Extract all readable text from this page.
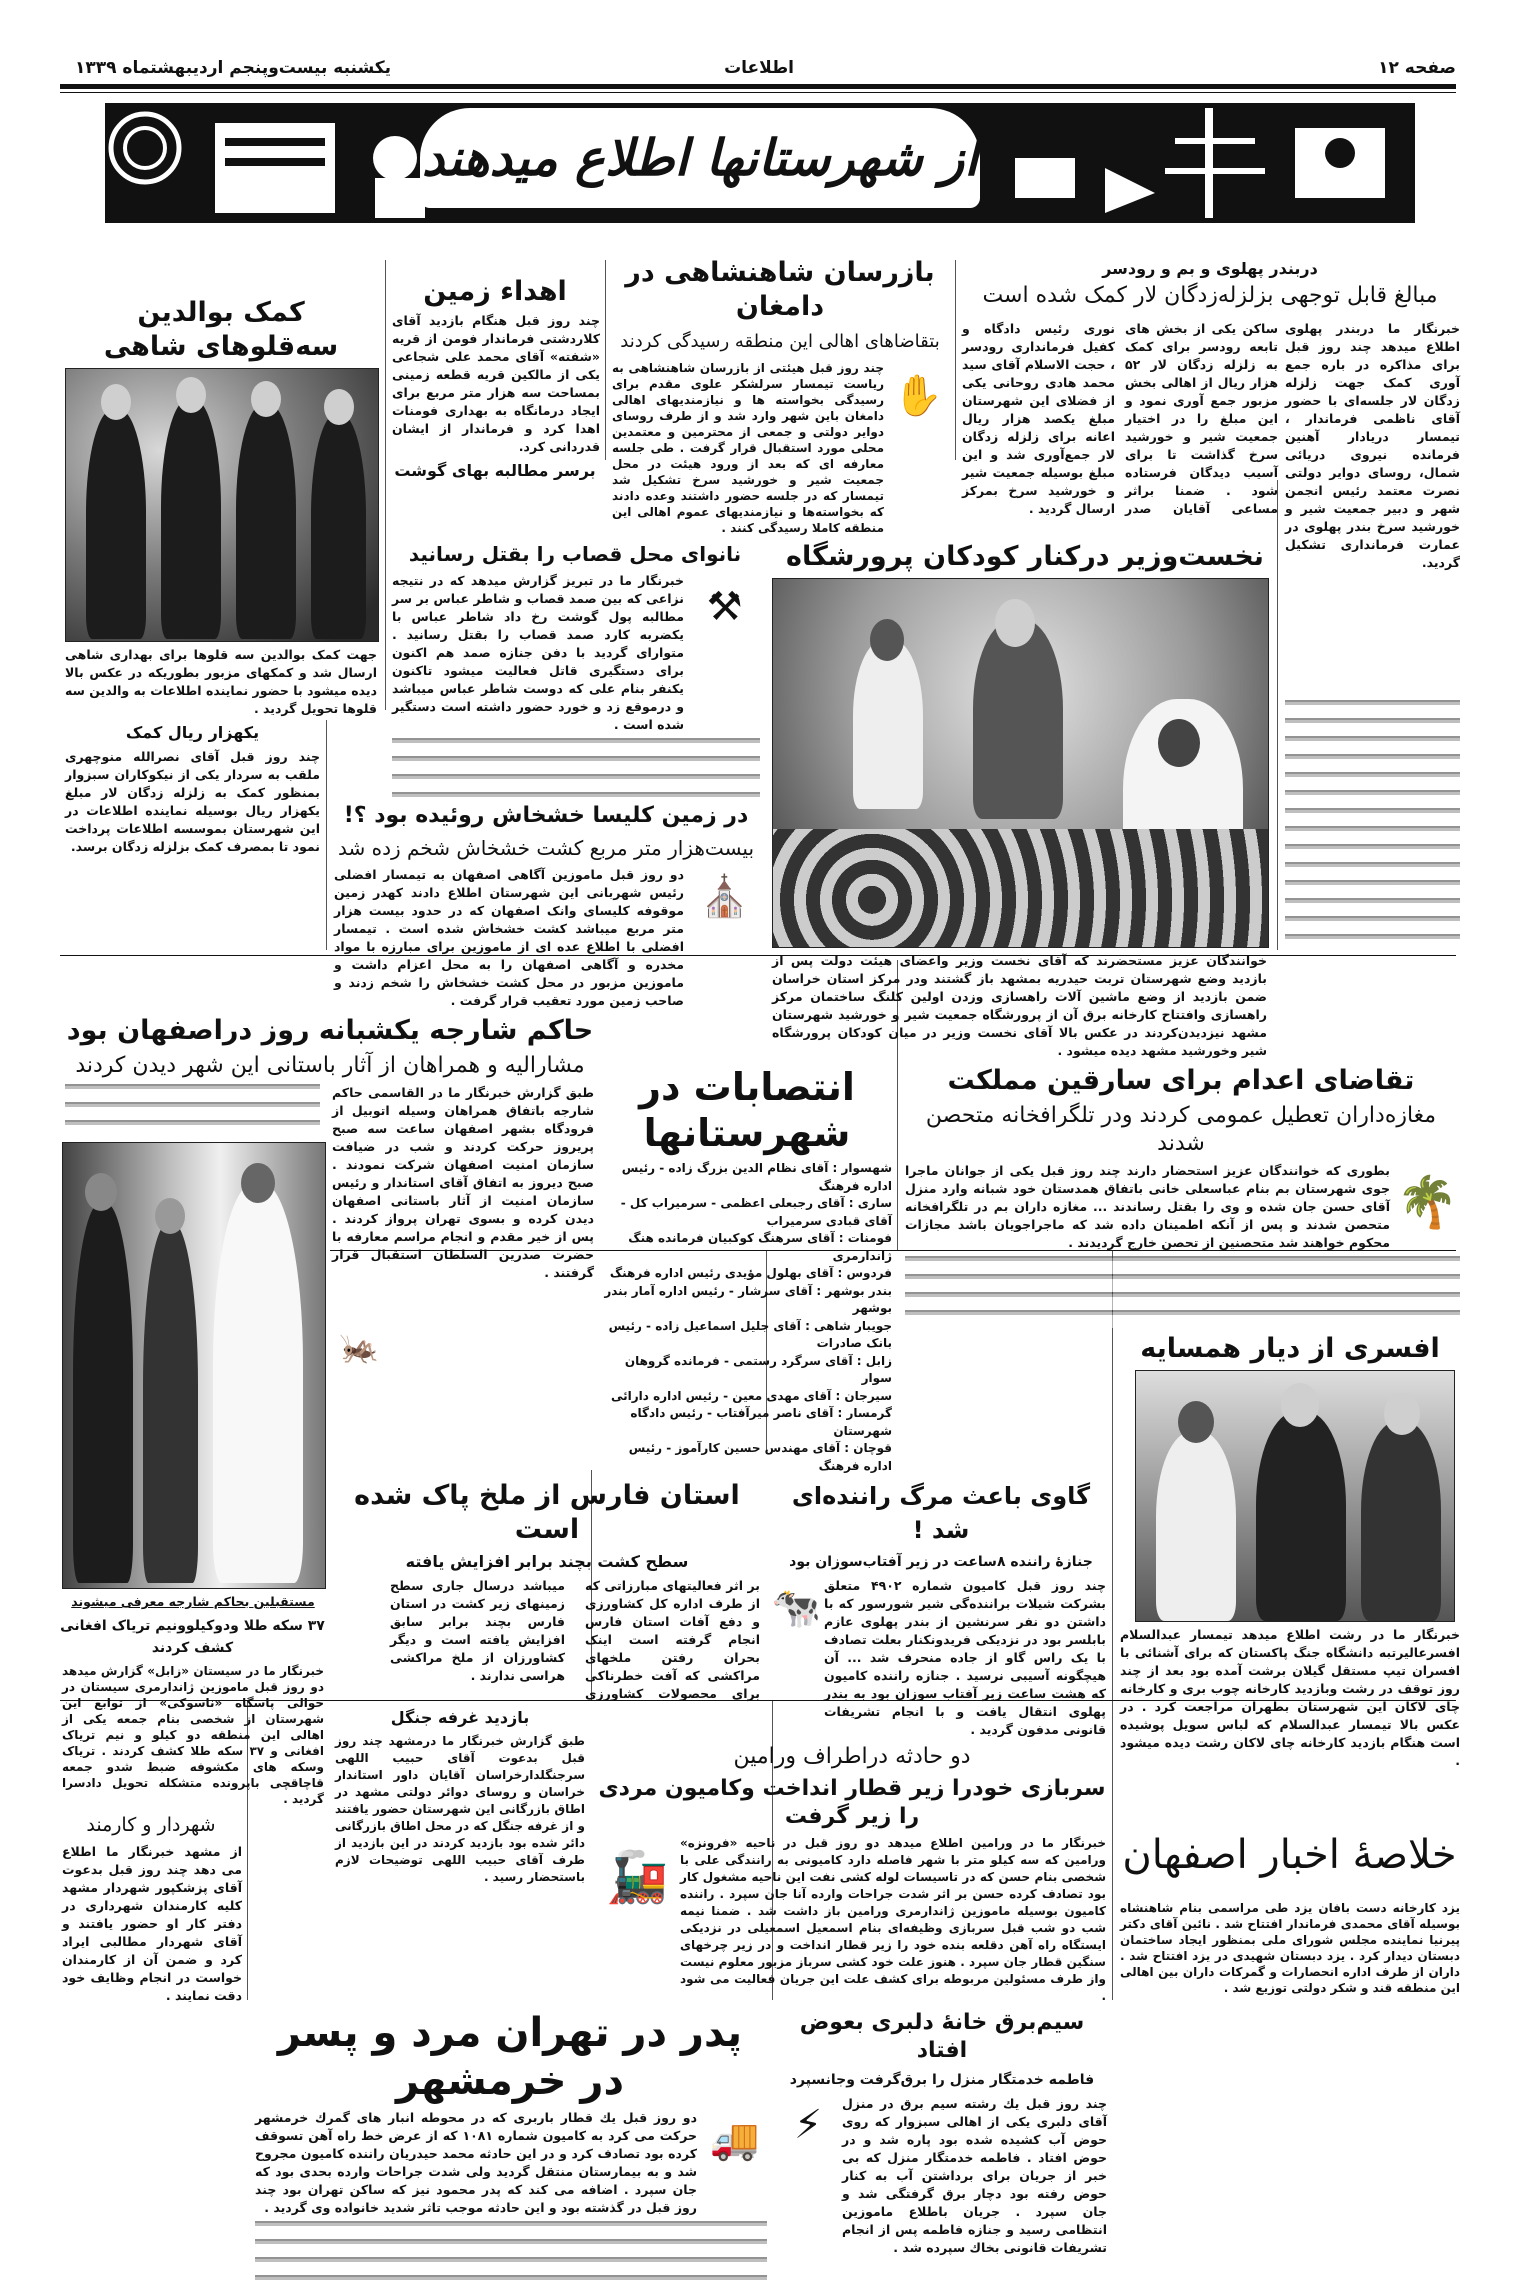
صفحه ۱۲
اطلاعات
یکشنبه بیست‌وپنجم اردیبهشتماه ۱۳۳۹
از شهرستانها اطلاع میدهند
دربندر پهلوی و بم و رودسر
مبالغ قابل توجهی بزلزله‌زدگان لار کمک شده است
خبرنگار ما دربندر پهلوی اطلاع میدهد چند روز قبل برای مذاکره در باره جمع آوری کمک جهت زلزله زدگان لار جلسه‌ای با حضور آقای ناظمی فرماندار ، تیمسار دریادار آهنین فرمانده نیروی دریائی شمال، روسای دوایر دولتی نصرت معتمد رئیس انجمن شهر و دبیر جمعیت شیر و خورشید سرخ بندر پهلوی در عمارت فرمانداری تشکیل گردید.
ساکن یکی از بخش های تابعه رودسر برای کمک به زلزله زدگان لار ۵۲ هزار ریال از اهالی بخش مزبور جمع آوری نمود و این مبلغ را در اختیار جمعیت شیر و خورشید سرخ گذاشت تا برای آسیب دیدگان فرستاده شود . ضمنا براثر مساعی آقایان صدر نوری رئیس دادگاه و کفیل فرمانداری رودسر ، حجت الاسلام آقای سید محمد هادی روحانی یکی از فضلای این شهرستان مبلغ یکصد هزار ریال اعانه برای زلزله زدگان لار جمع‌آوری شد و این مبلغ بوسیله جمعیت شیر و خورشید سرخ بمرکز ارسال گردید .
بازرسان شاهنشاهی در دامغان
بتقاضاهای اهالی این منطقه رسیدگی کردند
✋
چند روز قبل هیئتی از بازرسان شاهنشاهی به ریاست تیمسار سرلشکر علوی مقدم برای رسیدگی بخواسته ها و نیازمندیهای اهالی دامغان باین شهر وارد شد و از طرف روسای دوایر دولتی و جمعی از محترمین و معتمدین محلی مورد استقبال قرار گرفت . طی جلسه معارفه ای که بعد از ورود هیئت در محل جمعیت شیر و خورشید سرخ تشکیل شد تیمسار که در جلسه حضور داشتند وعده دادند که بخواسته‌ها و نیازمندیهای عموم اهالی این منطقه کاملا رسیدگی کنند .
اهداء زمین
چند روز قبل هنگام بازدید آقای کلاردشتی فرماندار فومن از قریه «شفته» آقای محمد علی شجاعی یکی از مالکین قریه قطعه زمینی بمساحت سه هزار متر مربع برای ایجاد درمانگاه به بهداری فومنات اهدا کرد و فرماندار از ایشان قدردانی کرد.
کمک بوالدین سه‌قلوهای شاهی
جهت کمک بوالدین سه قلوها برای بهداری شاهی ارسال شد و کمکهای مزبور بطوریکه در عکس بالا دیده میشود با حضور نماینده اطلاعات به والدین سه قلوها تحویل گردید .
برسر مطالبه بهای گوشت
نانوای محل قصاب را بقتل رسانید
⚒
خبرنگار ما در تبریز گزارش میدهد که در نتیجه نزاعی که بین صمد قصاب و شاطر عباس بر سر مطالبه پول گوشت رخ داد شاطر عباس با یکضربه کارد صمد قصاب را بقتل رسانید . متوارای گردید با دفن جنازه صمد هم اکنون برای دستگیری قاتل فعالیت میشود تاکنون یکنفر بنام علی که دوست شاطر عباس میباشد و درموقع زد و خورد حضور داشته است دستگیر شده است .
نخست‌وزیر درکنار کودکان پرورشگاه
خوانندگان عزیز مستحضرند که آقای نخست وزیر واعضای هیئت دولت پس از بازدید وضع شهرستان تربت حیدریه بمشهد باز گشتند ودر مرکز استان خراسان ضمن بازدید از وضع ماشین آلات راهسازی وزدن اولین کلنگ ساختمان مرکز راهسازی وافتتاح کارخانه برق آن از پرورشگاه جمعیت شیر و خورشید شهرستان مشهد نیزدیدن‌کردند در عکس بالا آقای نخست وزیر در میان کودکان پرورشگاه شیر وخورشید مشهد دیده میشود .
یکهزار ریال کمک
چند روز قبل آقای نصرالله منوچهری ملقب به سردار یکی از نیکوکاران سبزوار بمنظور کمک به زلزله زدگان لار مبلغ یکهزار ریال بوسیله نماینده اطلاعات در این شهرستان بموسسه اطلاعات پرداخت نمود تا بمصرف کمک بزلزله زدگان برسد.
در زمین کلیسا خشخاش روئیده بود ؟!
بیست‌هزار متر مربع کشت خشخاش شخم زده شد
⛪
دو روز قبل ماموزین آگاهی اصفهان به تیمسار افضلی رئیس شهربانی این شهرستان اطلاع دادند کهدر زمین موقوفه کلیسای وانک اصفهان که در حدود بیست هزار متر مربع میباشد کشت خشخاش شده است . تیمسار افضلی با اطلاع عده ای از ماموزین برای مبارزه با مواد مخدره و آگاهی اصفهان را به محل اعزام داشت و ماموزین مزبور در محل کشت خشخاش را شخم زدند و صاحب زمین مورد تعقیب قرار گرفت .
حاکم شارجه یکشبانه روز دراصفهان بود
مشارالیه و همراهان از آثار باستانی این شهر دیدن کردند
طبق گزارش خبرنگار ما در القاسمی حاکم شارجه باتفاق همراهان وسیله اتوبیل از فرودگاه بشهر اصفهان ساعت سه صبح پریروز حرکت کردند و شب در ضیافت سازمان امنیت اصفهان شرکت نمودند . صبح دیروز به اتفاق آقای استاندار و رئیس سازمان امنیت از آثار باستانی اصفهان دیدن کرده و بسوی تهران پرواز کردند . پس از خیر مقدم و انجام مراسم معارفه با حضرت صدرین السلطان استقبال قرار گرفتند .
مستقبلین بحاکم شارجه معرفی میشوند
انتصابات در شهرستانها
شهسوار : آقای نظام الدین بزرگ زاده - رئیس اداره فرهنگ
ساری : آقای رجبعلی اعظمی - سرمیراب کل - آقای قبادی سرمیراب
فومنات : آقای سرهنگ کوکبیان فرمانده هنگ ژاندارمری
فردوس : آقای بهلول مؤیدی رئیس اداره فرهنگ
بندر بوشهر : آقای سرشار - رئیس اداره آمار بندر بوشهر
جویبار شاهی : آقای جلیل اسماعیل زاده - رئیس بانک صادرات
زابل : آقای سرگرد رستمی - فرمانده گروهان سوار
سیرجان : آقای مهدی معین - رئیس اداره دارائی
گرمسار : آقای ناصر میرآفتاب - رئیس دادگاه شهرستان
قوچان : آقای مهندس حسین کارآموز - رئیس اداره فرهنگ
تقاضای اعدام برای سارقین مملکت
مغازه‌داران تعطیل عمومی کردند ودر تلگرافخانه متحصن شدند
🌴
بطوری که خوانندگان عزیز استحضار دارند چند روز قبل یکی از جوانان ماجرا جوی شهرستان بم بنام عباسعلی خانی باتفاق همدستان خود شبانه وارد منزل آقای حسن جان شده و وی را بقتل رساندند ... مغازه داران بم در تلگرافخانه متحصن شدند و پس از آنکه اطمینان داده شد که ماجراجویان باشد مجازات محکوم خواهند شد متحصنین از تحصن خارج گردیدند .
افسری از دیار همسایه
خبرنگار ما در رشت اطلاع میدهد تیمسار عبدالسلام افسرعالیرتبه دانشگاه جنگ پاکستان که برای آشنائی با افسران تیپ مستقل گیلان برشت آمده بود بعد از چند روز توقف در رشت وبازدید کارخانه چوب بری و کارخانه چای لاکان این شهرستان بطهران مراجعت کرد . در عکس بالا تیمسار عبدالسلام که لباس سویل پوشیده است هنگام بازدید کارخانه چای لاکان رشت دیده میشود .
گاوی باعث مرگ راننده‌ای شد !
جنازهٔ راننده ۸ساعت در زیر آفتاب‌سوزان بود
🐄 چند روز قبل کامیون شماره ۴۹۰۲ متعلق بشرکت شیلات براننده‌گی شیر شورسور که با داشتن دو نفر سرنشین از بندر پهلوی عازم بابلسر بود در نزدیکی فریدونکنار بعلت تصادف با یک راس گاو از جاده منحرف شد ... آن هیچگونه آسیبی نرسید . جنازه راننده کامیون که هشت ساعت زیر آفتاب سوزان بود به بندر پهلوی انتقال یافت و با انجام تشریفات قانونی مدفون گردید .
استان فارس از ملخ پاک شده است
سطح کشت بچند برابر افزایش یافته
🦗
بر اثر فعالیتهای مبارزاتی که از طرف اداره کل کشاورزی و دفع آفات استان فارس انجام گرفته است اینک بحران رفتن ملخهای مراکشی که آفت خطرناکی برای محصولات کشاورزی میباشد درسال جاری سطح زمینهای زیر کشت در استان فارس بچند برابر سابق افزایش یافته است و دیگر کشاورزان از ملخ مراکشی هراسی ندارند .
دو حادثه دراطراف ورامین
سربازی خودرا زیر قطار انداخت وکامیون مردی را زیر گرفت
🚂
خبرنگار ما در ورامین اطلاع میدهد دو روز قبل در ناحیه «فرونزه» ورامین که سه کیلو متر با شهر فاصله دارد کامیونی به رانندگی علی با شخصی بنام حسن که در تاسیسات لوله کشی نفت این ناحیه مشغول کار بود تصادف کرده حسن بر اثر شدت جراحات وارده آنا جان سپرد . راننده کامیون بوسیله ماموزین ژاندارمری ورامین باز داشت شد . ضمنا نیمه شب دو شب قبل سربازی وظیفه‌ای بنام اسمعیل اسمعیلی در نزدیکی ایستگاه راه آهن دقلعه بنده خود را زیر قطار انداخت و در زیر چرخهای سنگین قطار جان سپرد . هنوز علت خود کشی سرباز مزبور معلوم نیست واز طرف مسئولین مربوطه برای کشف علت این جریان فعالیت می شود .
بازدید غرفه جنگل
طبق گزارش خبرنگار ما درمشهد چند روز قبل بدعوت آقای حبیب اللهی سرجنگلدارخراسان آقایان داور استاندار خراسان و روسای دوائر دولتی مشهد در اطاق بازرگانی این شهرستان حضور یافتند و از غرفه جنگل که در محل اطاق بازرگانی دائر شده بود بازدید کردند در این بازدید از طرف آقای حبیب اللهی توضیحات لازم باستحضار رسید .
۳۷ سکه طلا ودوکیلوونیم تریاک افغانی کشف کردند
خبرنگار ما در سیستان «زابل» گزارش میدهد دو روز قبل ماموزین ژاندارمری سیستان در حوالی پاسگاه «ناسوکی» از توابع این شهرستان از شخصی بنام جمعه یکی از اهالی این منطقه دو کیلو و نیم تریاک افغانی و ۳۷ سکه طلا کشف کردند . تریاک وسکه های مکشوفه ضبط شدو جمعه قاچاقچی باپرونده متشکله تحویل دادسرا گردید .
شهردار و کارمند
از مشهد خبرنگار ما اطلاع می دهد چند روز قبل بدعوت آقای پزشکپور شهردار مشهد کلیه کارمندان شهرداری در دفتر کار او حضور یافتند و آقای شهردار مطالبی ایراد کرد و ضمن آن از کارمندان خواست در انجام وظایف خود دقت نمایند .
پدر در تهران مرد و پسر در خرمشهر
🚚
دو روز قبل یك قطار باربری که در محوطه انبار های گمرك خرمشهر حركت می کرد به کامیون شماره ۱۰۸۱ که از عرض خط راه آهن تسوقف کرده بود تصادف کرد و در این حادثه محمد حیدریان راننده کامیون مجروح شد و به بیمارستان منتقل گردید ولی شدت جراحات وارده بحدی بود که جان سپرد . اضافه می کند که پدر محمود نیز که ساکن تهران بود چند روز قبل در گذشته بود و این حادثه موجب تاثر شدید خانواده وی گردید .
سیم‌برق خانهٔ دلبری بعوض افتاد
فاطمه خدمتگار منزل را برق‌گرفت وجانسپرد
⚡	چند روز قبل یك رشته سیم برق در منزل آقای دلبری یکی از اهالی سبزوار که روی حوض آب کشیده شده بود پاره شد و در حوض افتاد . فاطمه خدمتگار منزل که بی خبر از جریان برای برداشتن آب به کنار حوض رفته بود دچار برق گرفتگی شد و جان سپرد . جریان باطلاع ماموزین انتظامی رسید و جنازه فاطمه پس از انجام تشریفات قانونی بخاك سپرده شد .
خلاصهٔ اخبار اصفهان
یزد کارخانه دست بافان یزد طی مراسمی بنام شاهنشاه بوسیله آقای محمدی فرماندار افتتاح شد . نائین آقای دکتر پیرنیا نماینده مجلس شورای ملی بمنظور ایجاد ساختمان دبستان دیدار کرد . یزد دبستان شهیدی در یزد افتتاح شد . داران از طرف اداره انحصارات و گمرکات داران بین اهالی این منطقه قند و شکر دولتی توزیع شد .
